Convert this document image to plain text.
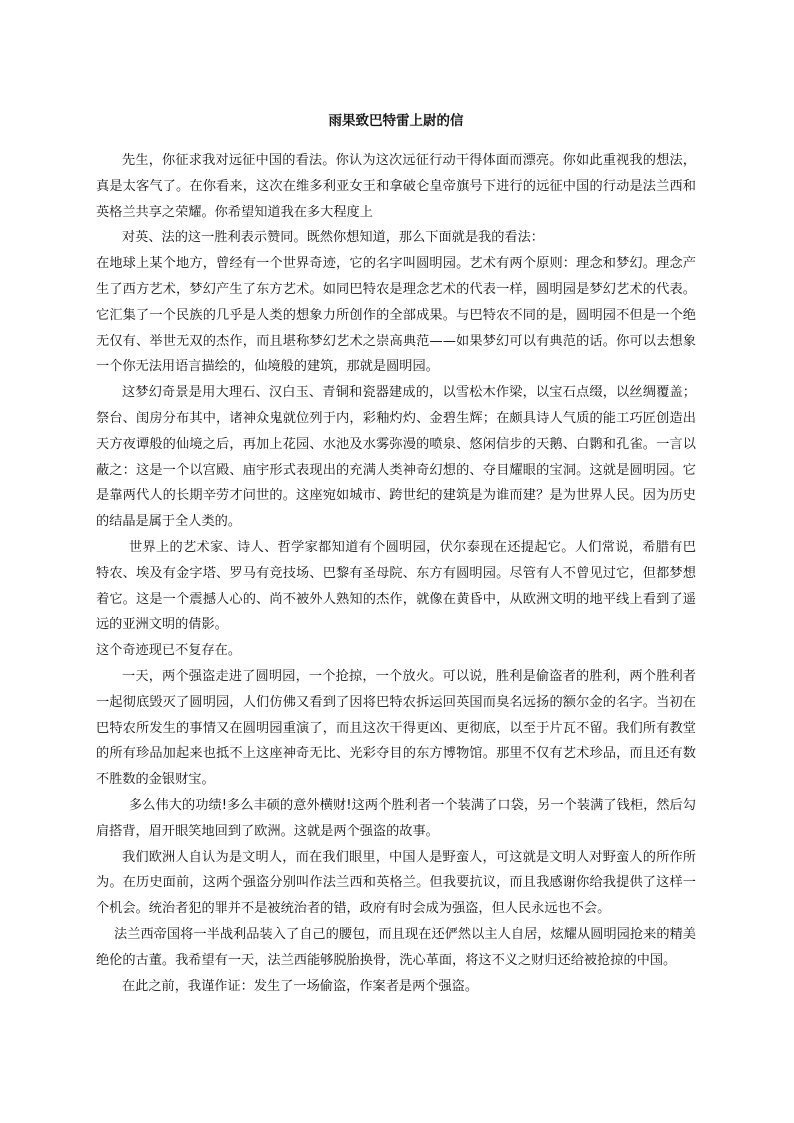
雨果致巴特雷上尉的信

先生，你征求我对远征中国的看法。你认为这次远征行动干得体面而漂亮。你如此重视我的想法，真是太客气了。在你看来，这次在维多利亚女王和拿破仑皇帝旗号下进行的远征中国的行动是法兰西和英格兰共享之荣耀。你希望知道我在多大程度上

对英、法的这一胜利表示赞同。既然你想知道，那么下面就是我的看法：

在地球上某个地方，曾经有一个世界奇迹，它的名字叫圆明园。艺术有两个原则：理念和梦幻。理念产生了西方艺术，梦幻产生了东方艺术。如同巴特农是理念艺术的代表一样，圆明园是梦幻艺术的代表。它汇集了一个民族的几乎是人类的想象力所创作的全部成果。与巴特农不同的是，圆明园不但是一个绝无仅有、举世无双的杰作，而且堪称梦幻艺术之崇高典范——如果梦幻可以有典范的话。你可以去想象一个你无法用语言描绘的，仙境般的建筑，那就是圆明园。

这梦幻奇景是用大理石、汉白玉、青铜和瓷器建成的，以雪松木作梁，以宝石点缀，以丝绸覆盖；祭台、闺房分布其中，诸神众鬼就位列于内，彩釉灼灼、金碧生辉；在颇具诗人气质的能工巧匠创造出天方夜谭般的仙境之后，再加上花园、水池及水雾弥漫的喷泉、悠闲信步的天鹅、白鹮和孔雀。一言以蔽之：这是一个以宫殿、庙宇形式表现出的充满人类神奇幻想的、夺目耀眼的宝洞。这就是圆明园。它是靠两代人的长期辛劳才问世的。这座宛如城市、跨世纪的建筑是为谁而建？是为世界人民。因为历史的结晶是属于全人类的。

世界上的艺术家、诗人、哲学家都知道有个圆明园，伏尔泰现在还提起它。人们常说，希腊有巴特农、埃及有金字塔、罗马有竞技场、巴黎有圣母院、东方有圆明园。尽管有人不曾见过它，但都梦想着它。这是一个震撼人心的、尚不被外人熟知的杰作，就像在黄昏中，从欧洲文明的地平线上看到了遥远的亚洲文明的倩影。

这个奇迹现已不复存在。

一天，两个强盗走进了圆明园，一个抢掠，一个放火。可以说，胜利是偷盗者的胜利，两个胜利者一起彻底毁灭了圆明园，人们仿佛又看到了因将巴特农拆运回英国而臭名远扬的额尔金的名字。当初在巴特农所发生的事情又在圆明园重演了，而且这次干得更凶、更彻底，以至于片瓦不留。我们所有教堂的所有珍品加起来也抵不上这座神奇无比、光彩夺目的东方博物馆。那里不仅有艺术珍品，而且还有数不胜数的金银财宝。

多么伟大的功绩!多么丰硕的意外横财!这两个胜利者一个装满了口袋，另一个装满了钱柜，然后勾肩搭背，眉开眼笑地回到了欧洲。这就是两个强盗的故事。

我们欧洲人自认为是文明人，而在我们眼里，中国人是野蛮人，可这就是文明人对野蛮人的所作所为。在历史面前，这两个强盗分别叫作法兰西和英格兰。但我要抗议，而且我感谢你给我提供了这样一个机会。统治者犯的罪并不是被统治者的错，政府有时会成为强盗，但人民永远也不会。

法兰西帝国将一半战利品装入了自己的腰包，而且现在还俨然以主人自居，炫耀从圆明园抢来的精美绝伦的古董。我希望有一天，法兰西能够脱胎换骨，洗心革面，将这不义之财归还给被抢掠的中国。

在此之前，我谨作证：发生了一场偷盗，作案者是两个强盗。
